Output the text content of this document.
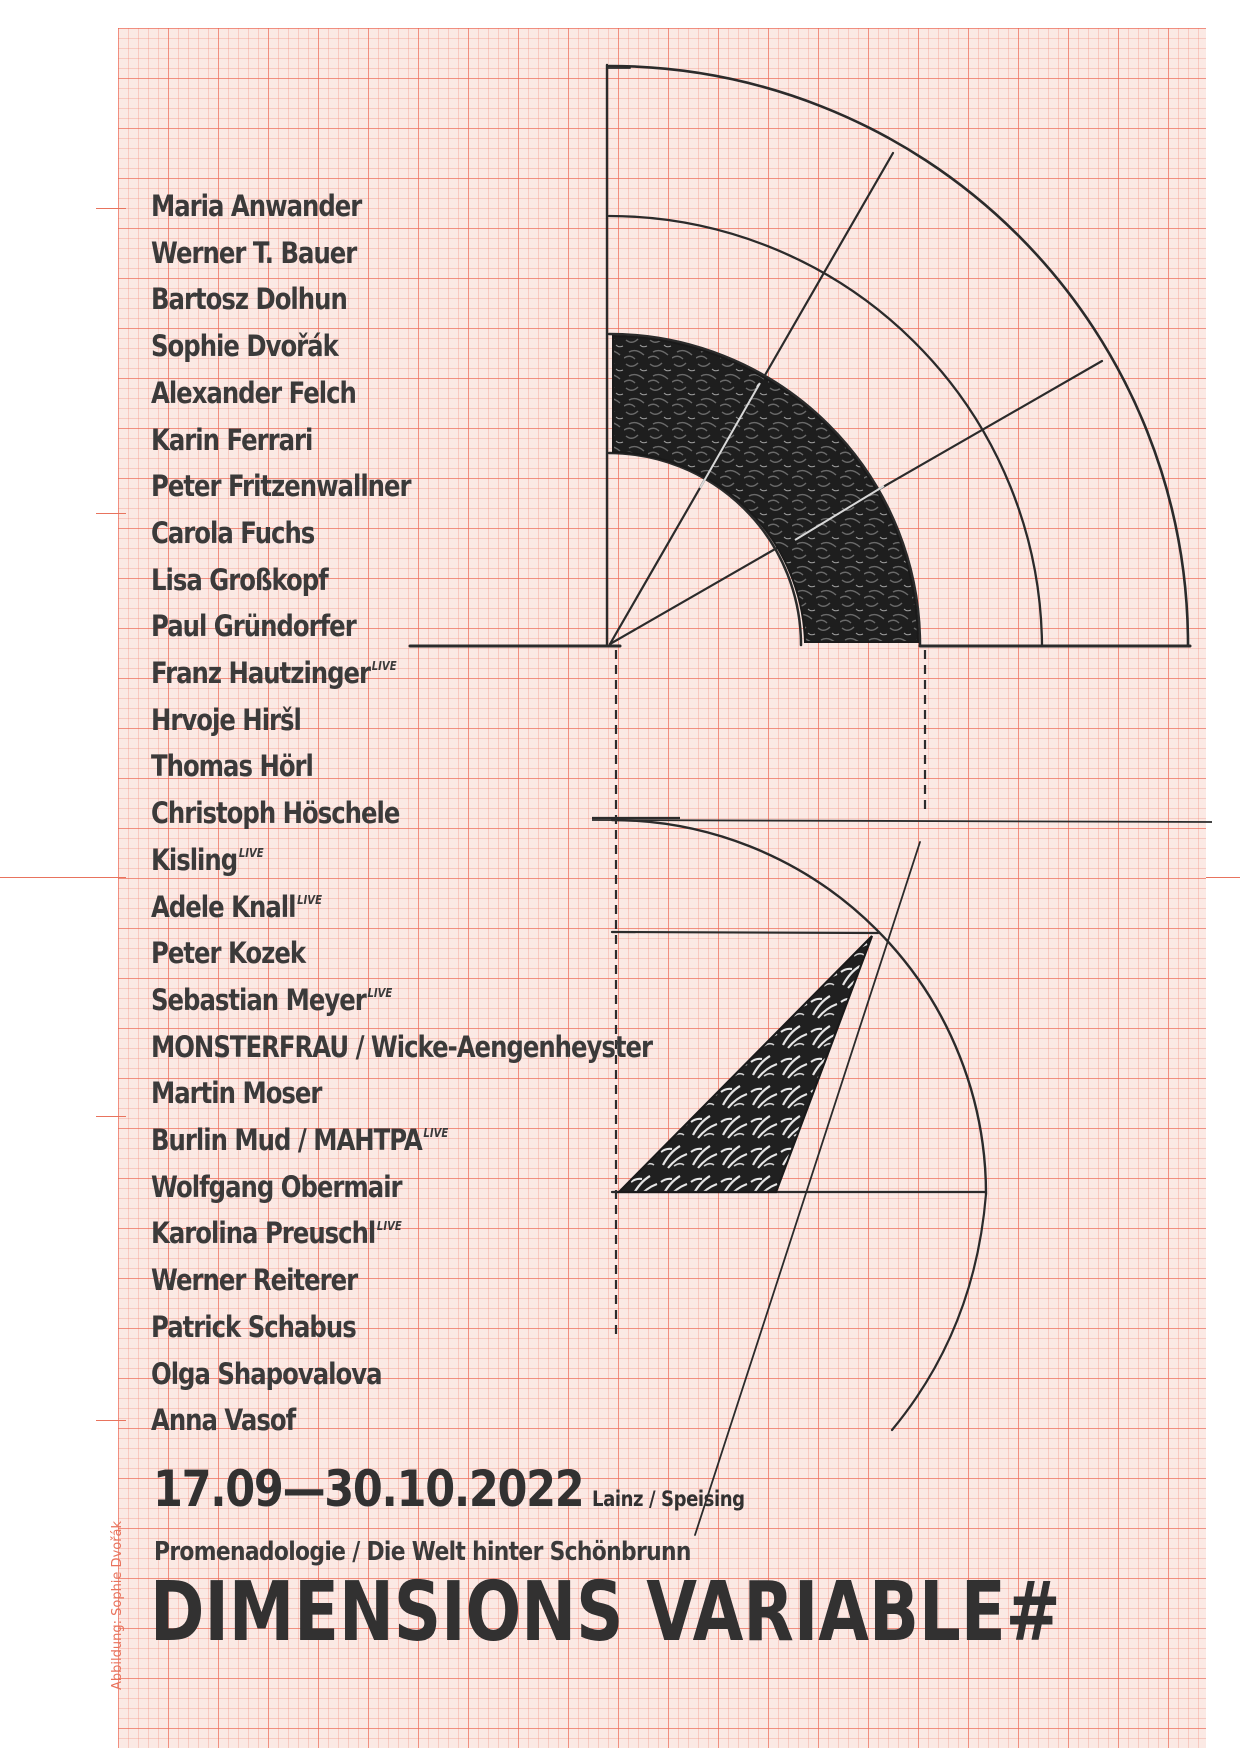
Maria Anwander
Werner T. Bauer
Bartosz Dolhun
Sophie Dvořák
Alexander Felch
Karin Ferrari
Peter Fritzenwallner
Carola Fuchs
Lisa Großkopf
Paul Gründorfer
Franz Hautzinger $^{LIVE}$
Hrvoje Hiršl
Thomas Hörl
Christoph Höschele
Kisling $^{LIVE}$
Adele Knall $^{LIVE}$
Peter Kozek
Sebastian Meyer $^{LIVE}$
MONSTERFRAU / Wicke-Aengenheyster
Martin Moser
Burlin Mud / MAHTPA $^{LIVE}$
Wolfgang Obermair
Karolina Preuschl $^{LIVE}$
Werner Reiterer
Patrick Schabus
Olga Shapovalova
Anna Vasof
17.09—30.10.2022 Lainz / Speising
Promenadologie / Die Welt hinter Schönbrunn
DIMENSIONS VARIABLE#
Abbildung: Sophie Dvořák
